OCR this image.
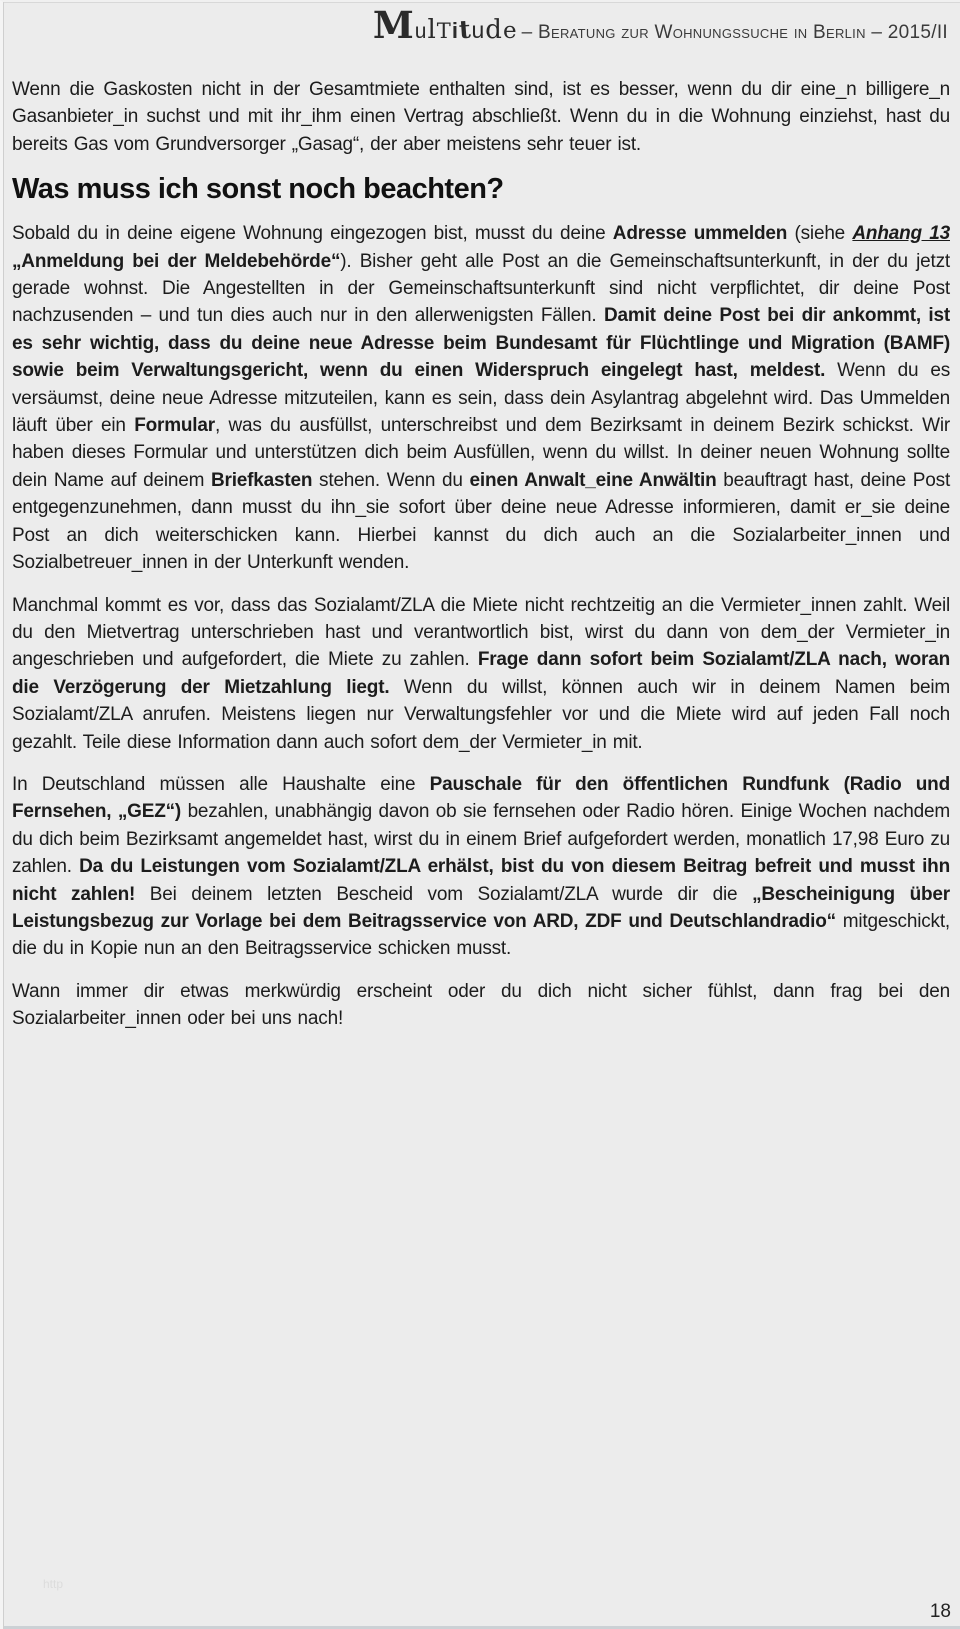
MulTitude – Beratung zur Wohnungssuche in Berlin – 2015/II

Wenn die Gaskosten nicht in der Gesamtmiete enthalten sind, ist es besser, wenn du dir eine_n billigere_n Gasanbieter_in suchst und mit ihr_ihm einen Vertrag abschließt. Wenn du in die Wohnung einziehst, hast du bereits Gas vom Grundversorger „Gasag“, der aber meistens sehr teuer ist.

Was muss ich sonst noch beachten?

Sobald du in deine eigene Wohnung eingezogen bist, musst du deine Adresse ummelden (siehe Anhang 13 „Anmeldung bei der Meldebehörde“). Bisher geht alle Post an die Gemeinschaftsunterkunft, in der du jetzt gerade wohnst. Die Angestellten in der Gemeinschaftsunterkunft sind nicht verpflichtet, dir deine Post nachzusenden – und tun dies auch nur in den allerwenigsten Fällen. Damit deine Post bei dir ankommt, ist es sehr wichtig, dass du deine neue Adresse beim Bundesamt für Flüchtlinge und Migration (BAMF) sowie beim Verwaltungsgericht, wenn du einen Widerspruch eingelegt hast, meldest. Wenn du es versäumst, deine neue Adresse mitzuteilen, kann es sein, dass dein Asylantrag abgelehnt wird. Das Ummelden läuft über ein Formular, was du ausfüllst, unterschreibst und dem Bezirksamt in deinem Bezirk schickst. Wir haben dieses Formular und unterstützen dich beim Ausfüllen, wenn du willst. In deiner neuen Wohnung sollte dein Name auf deinem Briefkasten stehen. Wenn du einen Anwalt_eine Anwältin beauftragt hast, deine Post entgegenzunehmen, dann musst du ihn_sie sofort über deine neue Adresse informieren, damit er_sie deine Post an dich weiterschicken kann. Hierbei kannst du dich auch an die Sozialarbeiter_innen und Sozialbetreuer_innen in der Unterkunft wenden.

Manchmal kommt es vor, dass das Sozialamt/ZLA die Miete nicht rechtzeitig an die Vermieter_innen zahlt. Weil du den Mietvertrag unterschrieben hast und verantwortlich bist, wirst du dann von dem_der Vermieter_in angeschrieben und aufgefordert, die Miete zu zahlen. Frage dann sofort beim Sozialamt/ZLA nach, woran die Verzögerung der Mietzahlung liegt. Wenn du willst, können auch wir in deinem Namen beim Sozialamt/ZLA anrufen. Meistens liegen nur Verwaltungsfehler vor und die Miete wird auf jeden Fall noch gezahlt. Teile diese Information dann auch sofort dem_der Vermieter_in mit.

In Deutschland müssen alle Haushalte eine Pauschale für den öffentlichen Rundfunk (Radio und Fernsehen, „GEZ“) bezahlen, unabhängig davon ob sie fernsehen oder Radio hören. Einige Wochen nachdem du dich beim Bezirksamt angemeldet hast, wirst du in einem Brief aufgefordert werden, monatlich 17,98 Euro zu zahlen. Da du Leistungen vom Sozialamt/ZLA erhälst, bist du von diesem Beitrag befreit und musst ihn nicht zahlen! Bei deinem letzten Bescheid vom Sozialamt/ZLA wurde dir die „Bescheinigung über Leistungsbezug zur Vorlage bei dem Beitragsservice von ARD, ZDF und Deutschlandradio“ mitgeschickt, die du in Kopie nun an den Beitragsservice schicken musst.

Wann immer dir etwas merkwürdig erscheint oder du dich nicht sicher fühlst, dann frag bei den Sozialarbeiter_innen oder bei uns nach!

http
18
